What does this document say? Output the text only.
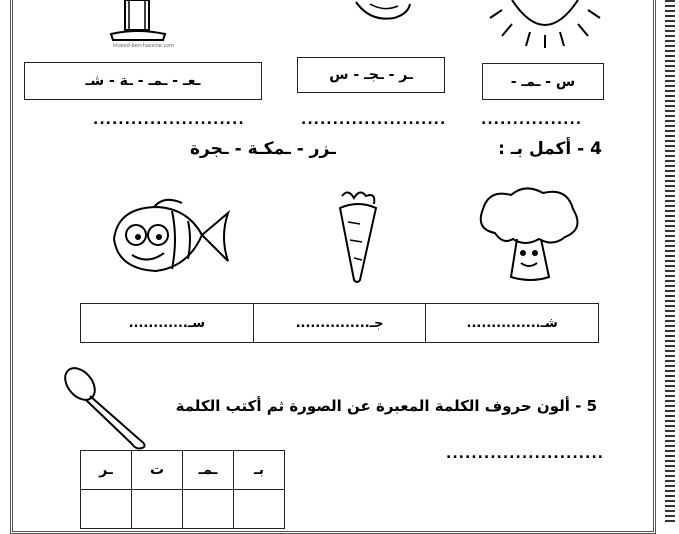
khaled-ben-hassine.com
ـعـ - ـمـ - ـة - شـ	ـر - ـجـ - س	س - ـمـ -
........................	....................... ................
4 - أكمل بـ :
ـزر - ـمكـة - ـجرة
سـ............	جـ...............	شـ...............
5 - ألون حروف الكلمة المعبرة عن الصورة ثم أكتب الكلمة
.........................
ـر	ت	ـمـ	بـ
